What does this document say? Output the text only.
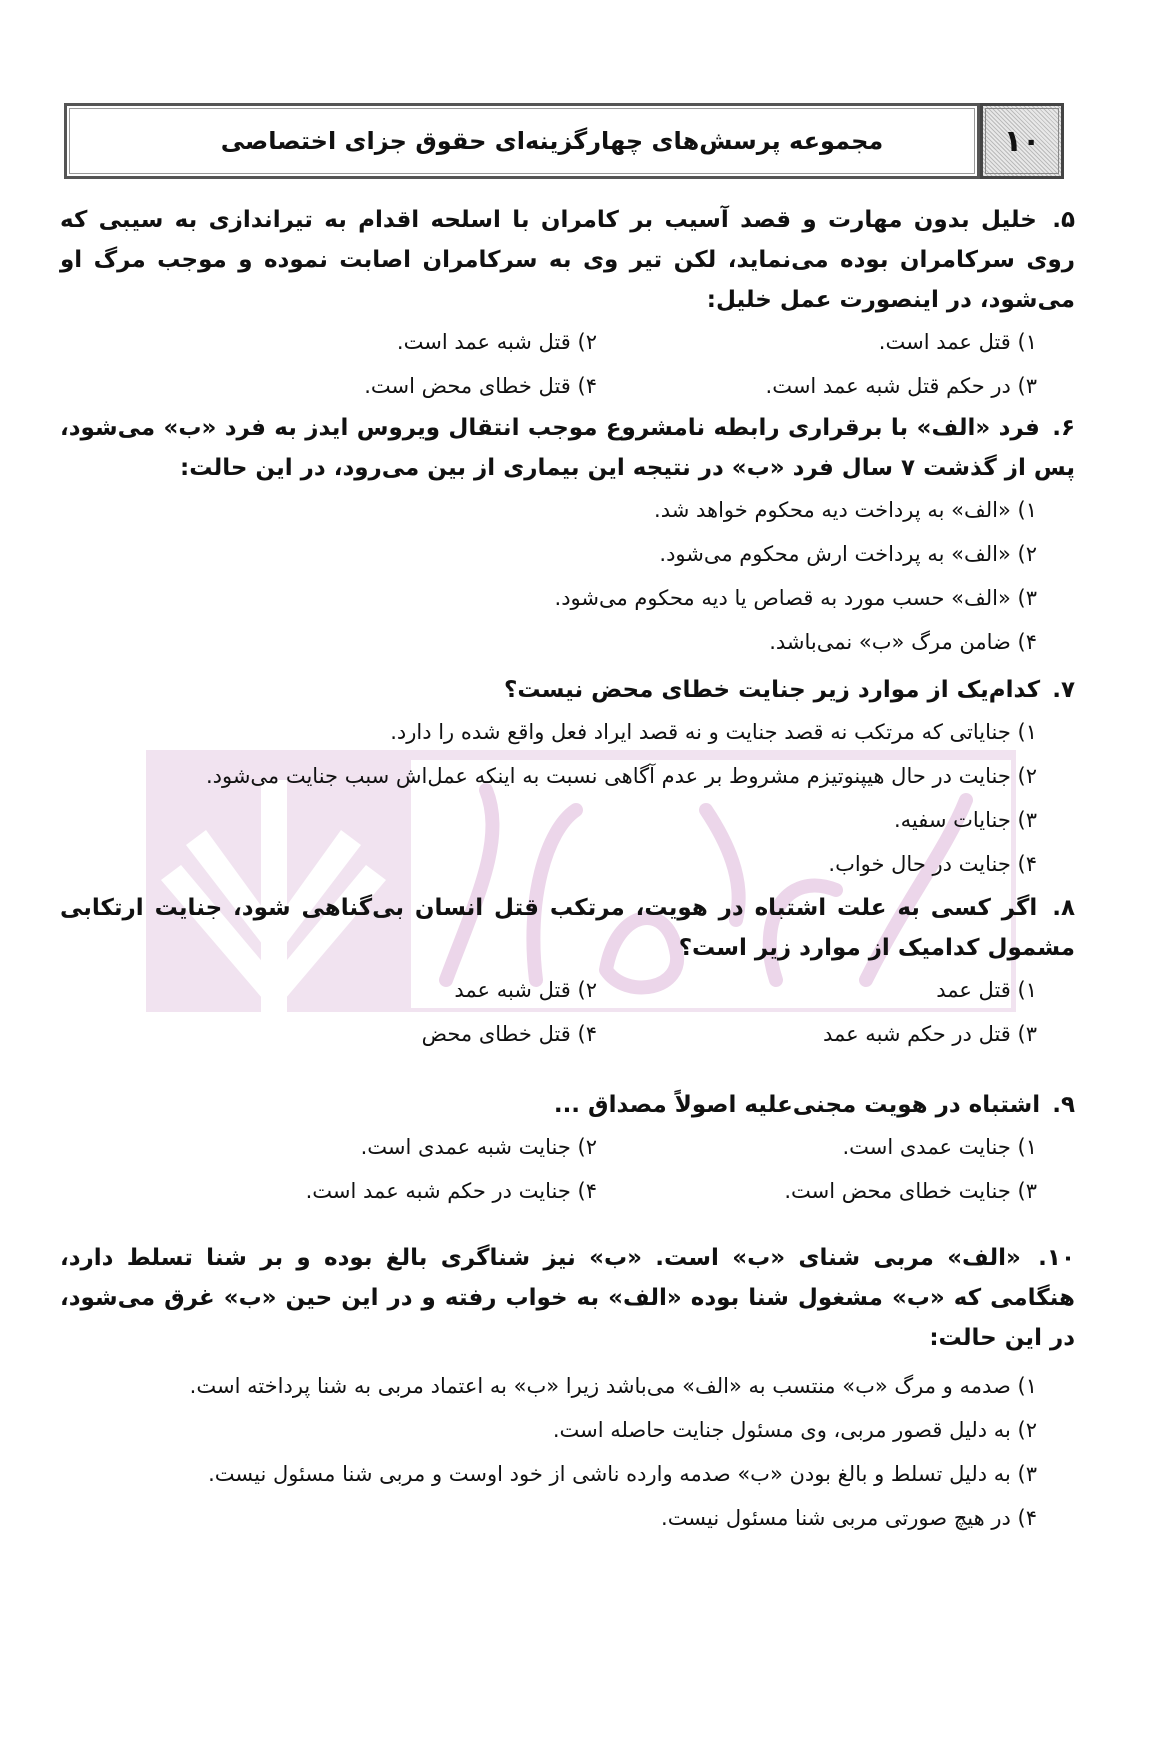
مجموعه پرسش‌های چهارگزینه‌ای حقوق جزای اختصاصی	۱۰
۵. خلیل بدون مهارت و قصد آسیب بر کامران با اسلحه اقدام به تیراندازی به سیبی که روی سرکامران بوده می‌نماید، لکن تیر وی به سرکامران اصابت نموده و موجب مرگ او می‌شود، در اینصورت عمل خلیل:
۱) قتل عمد است.
۲) قتل شبه عمد است.
۳) در حکم قتل شبه عمد است.
۴) قتل خطای محض است.
۶. فرد «الف» با برقراری رابطه نامشروع موجب انتقال ویروس ایدز به فرد «ب» می‌شود، پس از گذشت ۷ سال فرد «ب» در نتیجه این بیماری از بین می‌رود، در این حالت:
۱) «الف» به پرداخت دیه محکوم خواهد شد.
۲) «الف» به پرداخت ارش محکوم می‌شود.
۳) «الف» حسب مورد به قصاص یا دیه محکوم می‌شود.
۴) ضامن مرگ «ب» نمی‌باشد.
۷. کدام‌یک از موارد زیر جنایت خطای محض نیست؟
۱) جنایاتی که مرتکب نه قصد جنایت و نه قصد ایراد فعل واقع شده را دارد.
۲) جنایت در حال هیپنوتیزم مشروط بر عدم آگاهی نسبت به اینکه عمل‌اش سبب جنایت می‌شود.
۳) جنایات سفیه.
۴) جنایت در حال خواب.
۸. اگر کسی به علت اشتباه در هویت، مرتکب قتل انسان بی‌گناهی شود، جنایت ارتکابی مشمول کدامیک از موارد زیر است؟
۱) قتل عمد
۲) قتل شبه عمد
۳) قتل در حکم شبه عمد
۴) قتل خطای محض
۹. اشتباه در هویت مجنی‌علیه اصولاً مصداق ...
۱) جنایت عمدی است.
۲) جنایت شبه عمدی است.
۳) جنایت خطای محض است.
۴) جنایت در حکم شبه عمد است.
۱۰. «الف» مربی شنای «ب» است. «ب» نیز شناگری بالغ بوده و بر شنا تسلط دارد، هنگامی که «ب» مشغول شنا بوده «الف» به خواب رفته و در این حین «ب» غرق می‌شود، در این حالت:
۱) صدمه و مرگ «ب» منتسب به «الف» می‌باشد زیرا «ب» به اعتماد مربی به شنا پرداخته است.
۲) به دلیل قصور مربی، وی مسئول جنایت حاصله است.
۳) به دلیل تسلط و بالغ بودن «ب» صدمه وارده ناشی از خود اوست و مربی شنا مسئول نیست.
۴) در هیچ صورتی مربی شنا مسئول نیست.
